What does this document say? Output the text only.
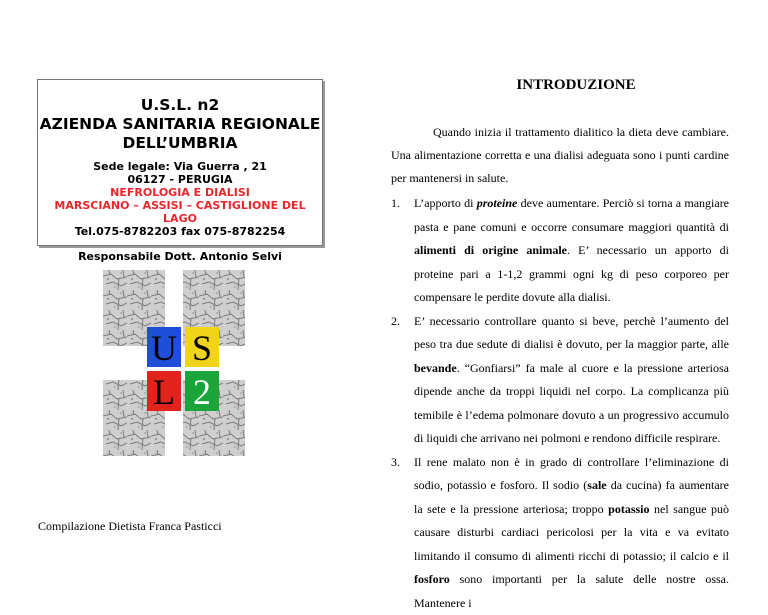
U.S.L. n2
AZIENDA SANITARIA REGIONALE
DELL’UMBRIA
Sede legale: Via Guerra , 21
06127 - PERUGIA
NEFROLOGIA E DIALISI
MARSCIANO – ASSISI – CASTIGLIONE DEL LAGO
Tel.075-8782203 fax 075-8782254
Responsabile Dott. Antonio Selvi
U S
L 2
Compilazione Dietista Franca Pasticci
INTRODUZIONE
Quando inizia il trattamento dialitico la dieta deve cambiare. Una alimentazione corretta e una dialisi adeguata sono i punti cardine per mantenersi in salute.
1. L’apporto di proteine deve aumentare. Perciò si torna a mangiare pasta e pane comuni e occorre consumare maggiori quantità di alimenti di origine animale. E’ necessario un apporto di proteine pari a 1-1,2 grammi ogni kg di peso corporeo per compensare le perdite dovute alla dialisi.
2. E’ necessario controllare quanto si beve, perchè l’aumento del peso tra due sedute di dialisi è dovuto, per la maggior parte, alle bevande. “Gonfiarsi” fa male al cuore e la pressione arteriosa dipende anche da troppi liquidi nel corpo. La complicanza più temibile è l’edema polmonare dovuto a un progressivo accumulo di liquidi che arrivano nei polmoni e rendono difficile respirare.
3. Il rene malato non è in grado di controllare l’eliminazione di sodio, potassio e fosforo. Il sodio (sale da cucina) fa aumentare la sete e la pressione arteriosa; troppo potassio nel sangue può causare disturbi cardiaci pericolosi per la vita e va evitato limitando il consumo di alimenti ricchi di potassio; il calcio e il fosforo sono importanti per la salute delle nostre ossa. Mantenere i
